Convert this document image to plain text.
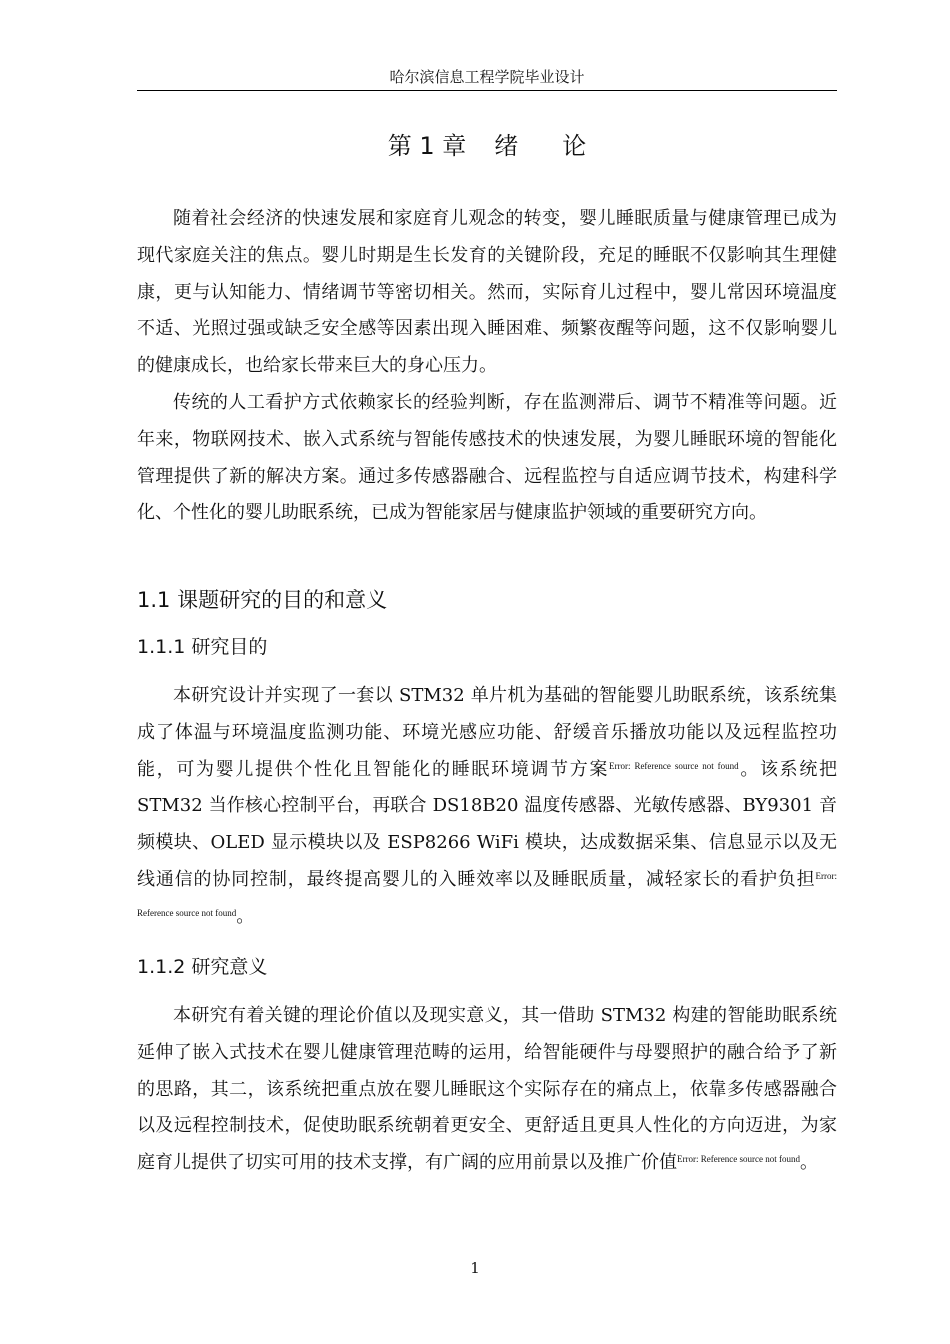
哈尔滨信息工程学院毕业设计
第 1 章 绪 论

随着社会经济的快速发展和家庭育儿观念的转变，婴儿睡眠质量与健康管理已成为现代家庭关注的焦点。婴儿时期是生长发育的关键阶段，充足的睡眠不仅影响其生理健康，更与认知能力、情绪调节等密切相关。然而，实际育儿过程中，婴儿常因环境温度不适、光照过强或缺乏安全感等因素出现入睡困难、频繁夜醒等问题，这不仅影响婴儿的健康成长，也给家长带来巨大的身心压力。

传统的人工看护方式依赖家长的经验判断，存在监测滞后、调节不精准等问题。近年来，物联网技术、嵌入式系统与智能传感技术的快速发展，为婴儿睡眠环境的智能化管理提供了新的解决方案。通过多传感器融合、远程监控与自适应调节技术，构建科学化、个性化的婴儿助眠系统，已成为智能家居与健康监护领域的重要研究方向。

1.1 课题研究的目的和意义
1.1.1 研究目的

本研究设计并实现了一套以 STM32 单片机为基础的智能婴儿助眠系统，该系统集成了体温与环境温度监测功能、环境光感应功能、舒缓音乐播放功能以及远程监控功能，可为婴儿提供个性化且智能化的睡眠环境调节方案$^{Error: Reference source not found}$。该系统把 STM32 当作核心控制平台，再联合 DS18B20 温度传感器、光敏传感器、BY9301 音频模块、OLED 显示模块以及 ESP8266 WiFi 模块，达成数据采集、信息显示以及无线通信的协同控制，最终提高婴儿的入睡效率以及睡眠质量，减轻家长的看护负担$^{Error: Reference source not found}$。

1.1.2 研究意义

本研究有着关键的理论价值以及现实意义，其一借助 STM32 构建的智能助眠系统延伸了嵌入式技术在婴儿健康管理范畴的运用，给智能硬件与母婴照护的融合给予了新的思路，其二，该系统把重点放在婴儿睡眠这个实际存在的痛点上，依靠多传感器融合以及远程控制技术，促使助眠系统朝着更安全、更舒适且更具人性化的方向迈进，为家庭育儿提供了切实可用的技术支撑，有广阔的应用前景以及推广价值$^{Error: Reference source not found}$。

1
